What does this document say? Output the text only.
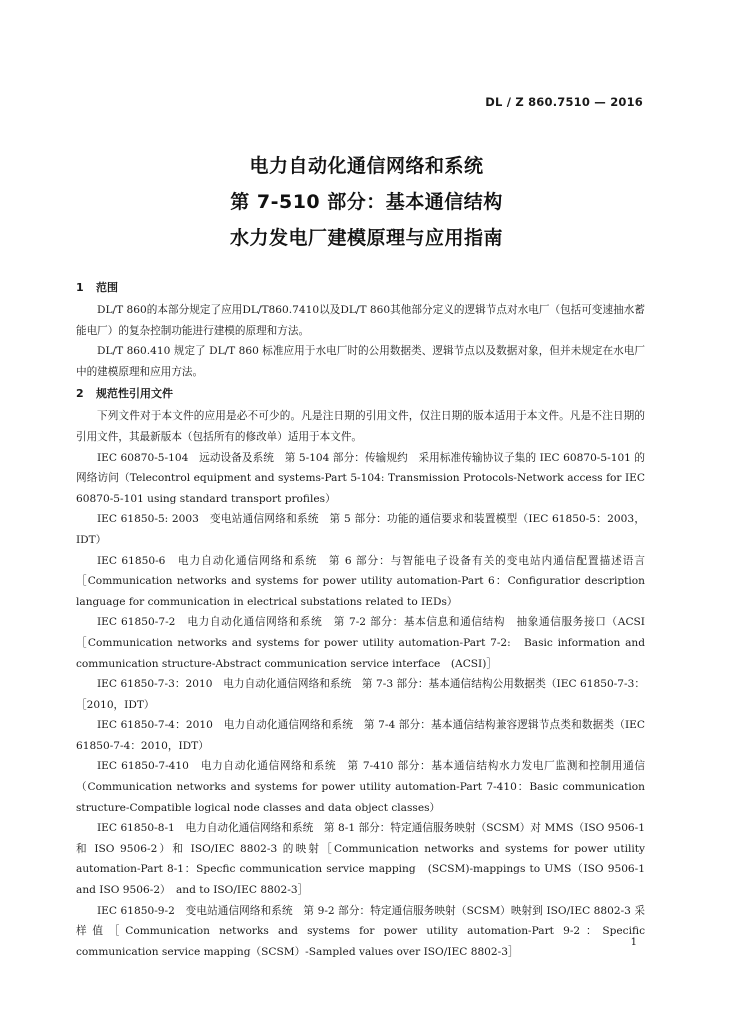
DL / Z 860.7510 — 2016
电力自动化通信网络和系统
第 7-510 部分：基本通信结构
水力发电厂建模原理与应用指南
1 范围

DL/T 860的本部分规定了应用DL/T860.7410以及DL/T 860其他部分定义的逻辑节点对水电厂（包括可变速抽水蓄能电厂）的复杂控制功能进行建模的原理和方法。

DL/T 860.410 规定了 DL/T 860 标准应用于水电厂时的公用数据类、逻辑节点以及数据对象，但并未规定在水电厂中的建模原理和应用方法。

2 规范性引用文件

下列文件对于本文件的应用是必不可少的。凡是注日期的引用文件，仅注日期的版本适用于本文件。凡是不注日期的引用文件，其最新版本（包括所有的修改单）适用于本文件。

IEC 60870-5-104　远动设备及系统　第 5-104 部分：传输规约　采用标准传输协议子集的 IEC 60870-5-101 的网络访问（Telecontrol equipment and systems-Part 5-104: Transmission Protocols-Network access for IEC 60870-5-101 using standard transport profiles）

IEC 61850-5: 2003　变电站通信网络和系统　第 5 部分：功能的通信要求和装置模型（IEC 61850-5：2003，IDT）

IEC 61850-6　电力自动化通信网络和系统　第 6 部分：与智能电子设备有关的变电站内通信配置描述语言［Communication networks and systems for power utility automation-Part 6：Configuratior description language for communication in electrical substations related to IEDs）

IEC 61850-7-2　电力自动化通信网络和系统　第 7-2 部分：基本信息和通信结构　抽象通信服务接口（ACSI［Communication networks and systems for power utility automation-Part 7-2:　Basic information and communication structure-Abstract communication service interface　(ACSI)］

IEC 61850-7-3：2010　电力自动化通信网络和系统　第 7-3 部分：基本通信结构公用数据类（IEC 61850-7-3：［2010，IDT）

IEC 61850-7-4：2010　电力自动化通信网络和系统　第 7-4 部分：基本通信结构兼容逻辑节点类和数据类（IEC 61850-7-4：2010，IDT）

IEC 61850-7-410　电力自动化通信网络和系统　第 7-410 部分：基本通信结构水力发电厂监测和控制用通信（Communication networks and systems for power utility automation-Part 7-410：Basic communication structure-Compatible logical node classes and data object classes）

IEC 61850-8-1　电力自动化通信网络和系统　第 8-1 部分：特定通信服务映射（SCSM）对 MMS（ISO 9506-1 和 ISO 9506-2）和 ISO/IEC 8802-3 的映射［Communication networks and systems for power utility automation-Part 8-1：Specfic communication service mapping　(SCSM)-mappings to UMS（ISO 9506-1 and ISO 9506-2）　and to ISO/IEC 8802-3］

IEC 61850-9-2　变电站通信网络和系统　第 9-2 部分：特定通信服务映射（SCSM）映射到 ISO/IEC 8802-3 采样值［Communication networks and systems for power utility automation-Part 9-2：Specific communication service mapping（SCSM）-Sampled values over ISO/IEC 8802-3］

1
